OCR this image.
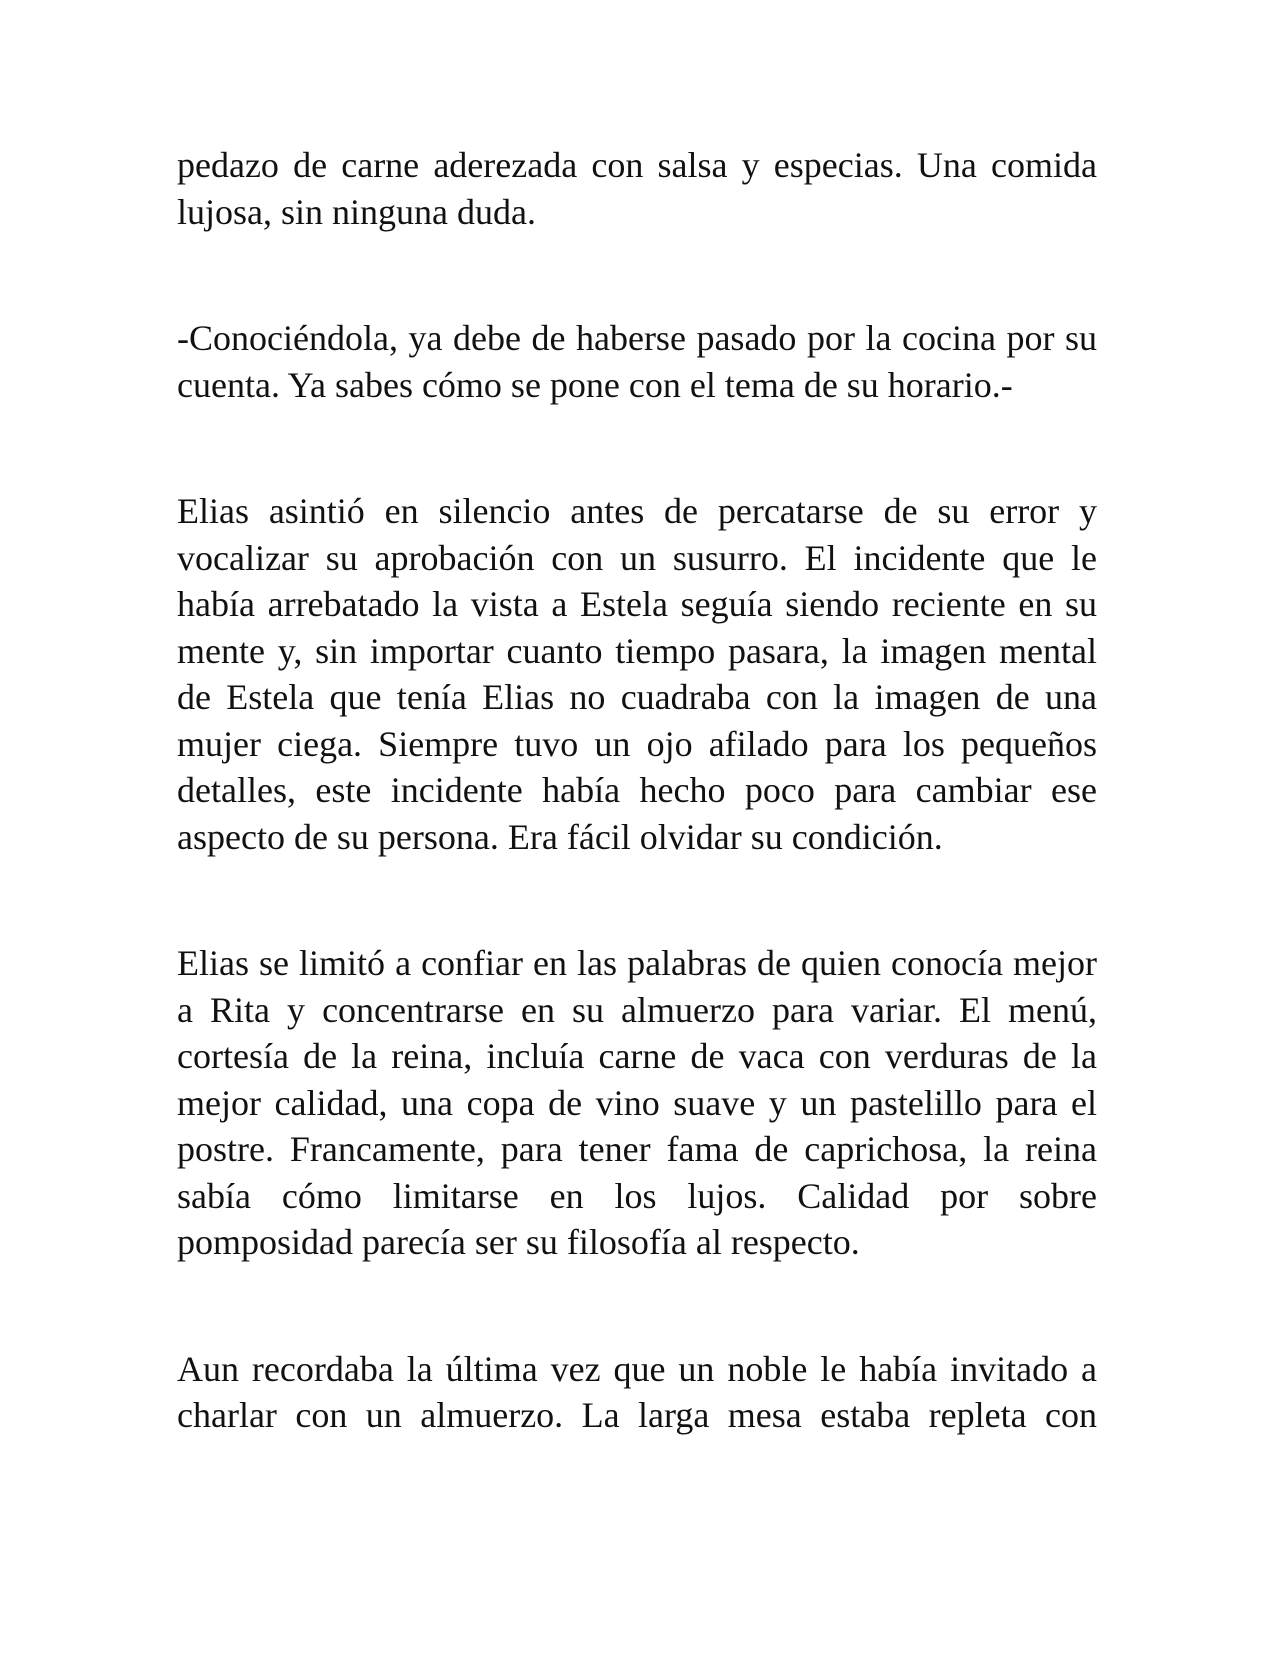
pedazo de carne aderezada con salsa y especias. Una comida lujosa, sin ninguna duda.

-Conociéndola, ya debe de haberse pasado por la cocina por su cuenta. Ya sabes cómo se pone con el tema de su horario.-

Elias asintió en silencio antes de percatarse de su error y vocalizar su aprobación con un susurro. El incidente que le había arrebatado la vista a Estela seguía siendo reciente en su mente y, sin importar cuanto tiempo pasara, la imagen mental de Estela que tenía Elias no cuadraba con la imagen de una mujer ciega. Siempre tuvo un ojo afilado para los pequeños detalles, este incidente había hecho poco para cambiar ese aspecto de su persona. Era fácil olvidar su condición.

Elias se limitó a confiar en las palabras de quien conocía mejor a Rita y concentrarse en su almuerzo para variar. El menú, cortesía de la reina, incluía carne de vaca con verduras de la mejor calidad, una copa de vino suave y un pastelillo para el postre. Francamente, para tener fama de caprichosa, la reina sabía cómo limitarse en los lujos. Calidad por sobre pomposidad parecía ser su filosofía al respecto.

Aun recordaba la última vez que un noble le había invitado a charlar con un almuerzo. La larga mesa estaba repleta con
